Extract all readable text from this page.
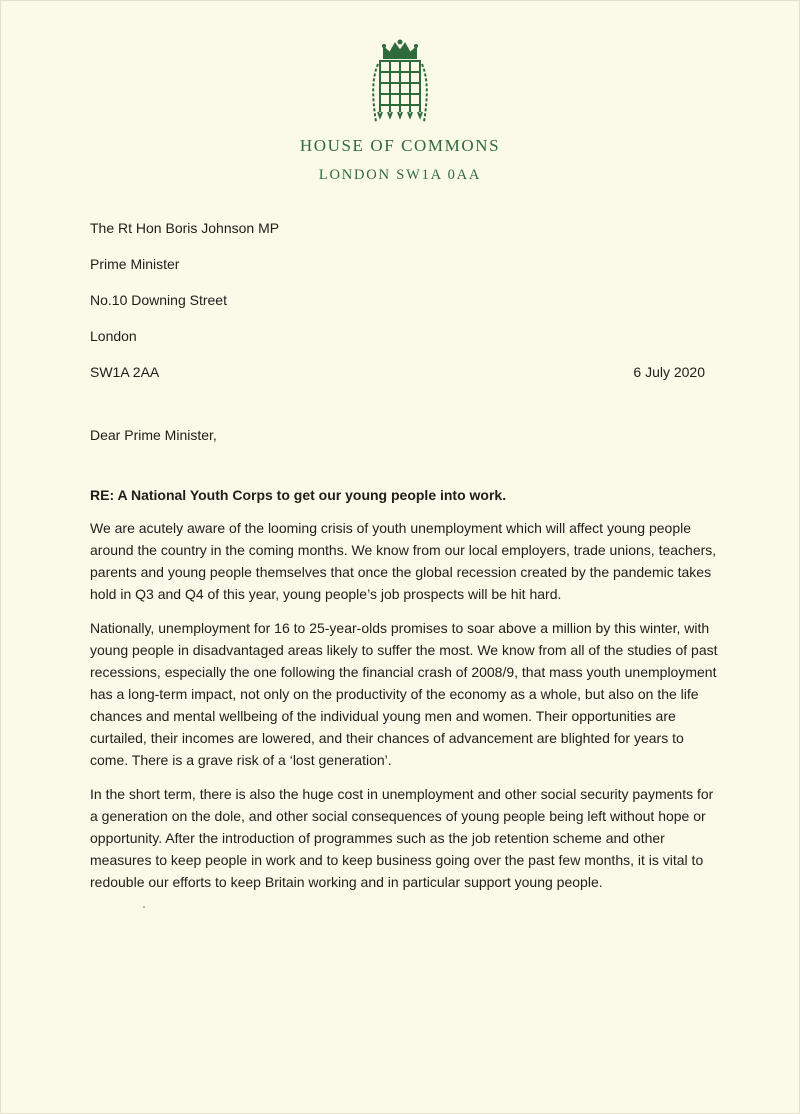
HOUSE OF COMMONS
LONDON SW1A 0AA
The Rt Hon Boris Johnson MP
Prime Minister
No.10 Downing Street
London
SW1A 2AA	6 July 2020
Dear Prime Minister,
RE: A National Youth Corps to get our young people into work.

We are acutely aware of the looming crisis of youth unemployment which will affect young people around the country in the coming months. We know from our local employers, trade unions, teachers, parents and young people themselves that once the global recession created by the pandemic takes hold in Q3 and Q4 of this year, young people’s job prospects will be hit hard.

Nationally, unemployment for 16 to 25-year-olds promises to soar above a million by this winter, with young people in disadvantaged areas likely to suffer the most. We know from all of the studies of past recessions, especially the one following the financial crash of 2008/9, that mass youth unemployment has a long-term impact, not only on the productivity of the economy as a whole, but also on the life chances and mental wellbeing of the individual young men and women. Their opportunities are curtailed, their incomes are lowered, and their chances of advancement are blighted for years to come. There is a grave risk of a ‘lost generation’.

In the short term, there is also the huge cost in unemployment and other social security payments for a generation on the dole, and other social consequences of young people being left without hope or opportunity. After the introduction of programmes such as the job retention scheme and other measures to keep people in work and to keep business going over the past few months, it is vital to redouble our efforts to keep Britain working and in particular support young people.
